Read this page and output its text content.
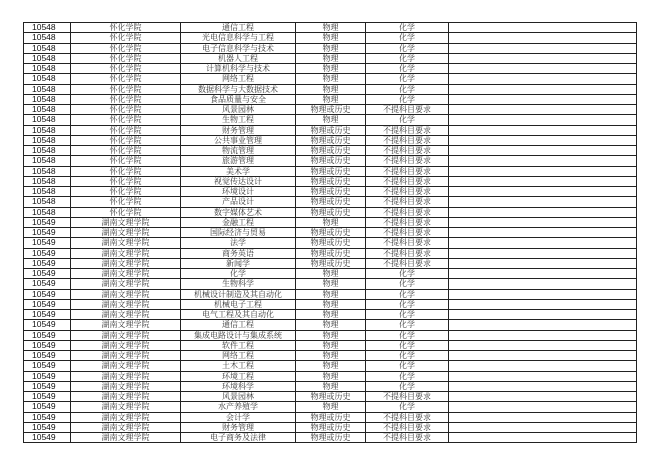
10548	怀化学院	通信工程	物理	化学	
10548	怀化学院	光电信息科学与工程	物理	化学	
10548	怀化学院	电子信息科学与技术	物理	化学	
10548	怀化学院	机器人工程	物理	化学	
10548	怀化学院	计算机科学与技术	物理	化学	
10548	怀化学院	网络工程	物理	化学	
10548	怀化学院	数据科学与大数据技术	物理	化学	
10548	怀化学院	食品质量与安全	物理	化学	
10548	怀化学院	风景园林	物理或历史	不提科目要求	
10548	怀化学院	生物工程	物理	化学	
10548	怀化学院	财务管理	物理或历史	不提科目要求	
10548	怀化学院	公共事业管理	物理或历史	不提科目要求	
10548	怀化学院	物流管理	物理或历史	不提科目要求	
10548	怀化学院	旅游管理	物理或历史	不提科目要求	
10548	怀化学院	美术学	物理或历史	不提科目要求	
10548	怀化学院	视觉传达设计	物理或历史	不提科目要求	
10548	怀化学院	环境设计	物理或历史	不提科目要求	
10548	怀化学院	产品设计	物理或历史	不提科目要求	
10548	怀化学院	数字媒体艺术	物理或历史	不提科目要求	
10549	湖南文理学院	金融工程	物理	不提科目要求	
10549	湖南文理学院	国际经济与贸易	物理或历史	不提科目要求	
10549	湖南文理学院	法学	物理或历史	不提科目要求	
10549	湖南文理学院	商务英语	物理或历史	不提科目要求	
10549	湖南文理学院	新闻学	物理或历史	不提科目要求	
10549	湖南文理学院	化学	物理	化学	
10549	湖南文理学院	生物科学	物理	化学	
10549	湖南文理学院	机械设计制造及其自动化	物理	化学	
10549	湖南文理学院	机械电子工程	物理	化学	
10549	湖南文理学院	电气工程及其自动化	物理	化学	
10549	湖南文理学院	通信工程	物理	化学	
10549	湖南文理学院	集成电路设计与集成系统	物理	化学	
10549	湖南文理学院	软件工程	物理	化学	
10549	湖南文理学院	网络工程	物理	化学	
10549	湖南文理学院	土木工程	物理	化学	
10549	湖南文理学院	环境工程	物理	化学	
10549	湖南文理学院	环境科学	物理	化学	
10549	湖南文理学院	风景园林	物理或历史	不提科目要求	
10549	湖南文理学院	水产养殖学	物理	化学	
10549	湖南文理学院	会计学	物理或历史	不提科目要求	
10549	湖南文理学院	财务管理	物理或历史	不提科目要求	
10549	湖南文理学院	电子商务及法律	物理或历史	不提科目要求	
